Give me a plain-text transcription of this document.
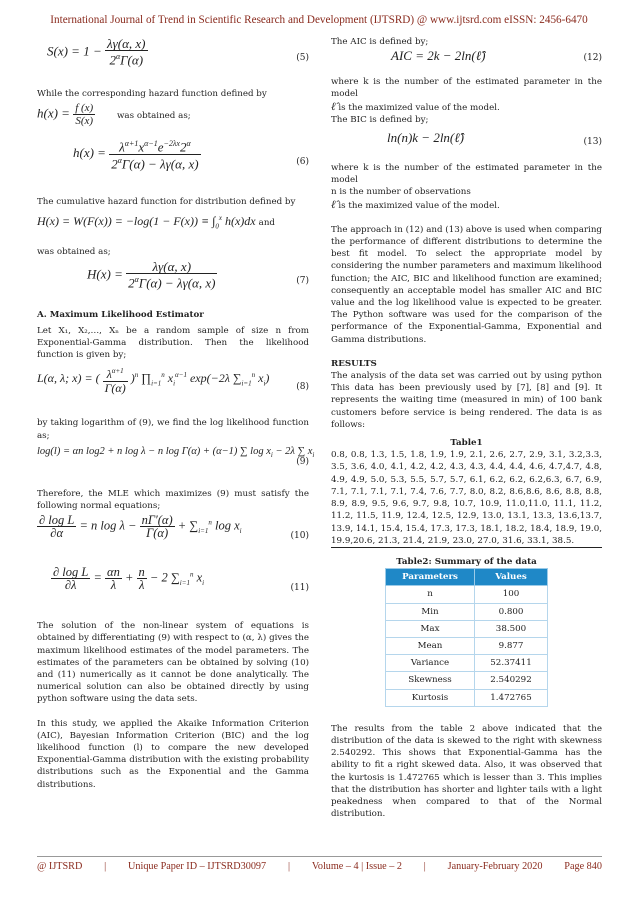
International Journal of Trend in Scientific Research and Development (IJTSRD) @ www.ijtsrd.com eISSN: 2456-6470
$S(x) = 1 - \frac{\lambda\gamma(\alpha, x)}{2^\alpha\Gamma(\alpha)}$	(5)

While the corresponding hazard function defined by

$h(x) = \frac{f (x)}{S(x)}$	was obtained as;
$h(x) = \frac{\lambda^{\alpha+1}x^{\alpha-1}e^{-2\lambda x}2^\alpha}{2^\alpha\Gamma(\alpha) - \lambda\gamma(\alpha, x)}$	(6)

The cumulative hazard function for distribution defined by

$H(x) = W(F(x)) = -\log(1 - F(x)) \equiv \int_0^x$ h(x)dx and

was obtained as;

$H(x) = \frac{\lambda\gamma(\alpha, x)}{2^\alpha\Gamma(\alpha) - \lambda\gamma(\alpha, x)}$	(7)

A. Maximum Likelihood Estimator

Let X₁, X₂,…, Xₙ be a random sample of size n from Exponential-Gamma distribution. Then the likelihood function is given by;

L(α, λ; x) = ( $\frac{\lambda^{\alpha+1}}{\Gamma(\alpha)} )^n$ $\prod_{i=1}^n$ $x_i^{\alpha-1}$ exp(−2λ $\sum_{i=1}^n$ $x_i$)
(8)

by taking logarithm of (9), we find the log likelihood function as;

log(l) = αn log2 + n log λ − n log Γ(α) + (α−1) ∑ $\log x_i - 2\lambda$ ∑ $x_i$
(9)

Therefore, the MLE which maximizes (9) must satisfy the following normal equations;

$\frac{\text{∂ log L}}{\partial\alpha} = n$ $\log \lambda - \frac{n\Gamma'(\alpha)}{\Gamma(\alpha)} + \sum_{i=1}^n$ $\log x_i$	(10)
$\frac{\text{∂ log L}}{\partial\lambda} = \frac{\alpha n}{\lambda} + \frac{n}{\lambda} - 2$ $\sum_{i=1}^n$ $x_i$	(11)

The solution of the non-linear system of equations is obtained by differentiating (9) with respect to (α, λ) gives the maximum likelihood estimates of the model parameters. The estimates of the parameters can be obtained by solving (10) and (11) numerically as it cannot be done analytically. The numerical solution can also be obtained directly by using python software using the data sets.

In this study, we applied the Akaike Information Criterion (AIC), Bayesian Information Criterion (BIC) and the log likelihood function (l) to compare the new developed Exponential-Gamma distribution with the existing probability distributions such as the Exponential and the Gamma distributions.

The AIC is defined by;

AIC = 2k − 2ln(ℓ̂)	(12)

where k is the number of the estimated parameter in the model

ℓ̂ is the maximized value of the model.

The BIC is defined by;

ln(n)k − 2ln(ℓ̂)	(13)

where k is the number of the estimated parameter in the model

n is the number of observations

ℓ̂ is the maximized value of the model.

The approach in (12) and (13) above is used when comparing the performance of different distributions to determine the best fit model. To select the appropriate model by considering the number parameters and maximum likelihood function; the AIC, BIC and likelihood function are examined; consequently an acceptable model has smaller AIC and BIC value and the log likelihood value is expected to be greater. The Python software was used for the comparison of the performance of the Exponential-Gamma, Exponential and Gamma distributions.

RESULTS

The analysis of the data set was carried out by using python This data has been previously used by [7], [8] and [9]. It represents the waiting time (measured in min) of 100 bank customers before service is being rendered. The data is as follows:

Table1

0.8, 0.8, 1.3, 1.5, 1.8, 1.9, 1.9, 2.1, 2.6, 2.7, 2.9, 3.1, 3.2,3.3, 3.5, 3.6, 4.0, 4.1, 4.2, 4.2, 4.3, 4.3, 4.4, 4.4, 4.6, 4.7,4.7, 4.8, 4.9, 4.9, 5.0, 5.3, 5.5, 5.7, 5.7, 6.1, 6.2, 6.2, 6.2,6.3, 6.7, 6.9, 7.1, 7.1, 7.1, 7.1, 7.4, 7.6, 7.7, 8.0, 8.2, 8.6,8.6, 8.6, 8.8, 8.8, 8.9, 8.9, 9.5, 9.6, 9.7, 9.8, 10.7, 10.9, 11.0,11.0, 11.1, 11.2, 11.2, 11.5, 11.9, 12.4, 12.5, 12.9, 13.0, 13.1, 13.3, 13.6,13.7, 13.9, 14.1, 15.4, 15.4, 17.3, 17.3, 18.1, 18.2, 18.4, 18.9, 19.0, 19.9,20.6, 21.3, 21.4, 21.9, 23.0, 27.0, 31.6, 33.1, 38.5.

Table2: Summary of the data

Parameters	Values
n	100
Min	0.800
Max	38.500
Mean	9.877
Variance	52.37411
Skewness	2.540292
Kurtosis	1.472765

The results from the table 2 above indicated that the distribution of the data is skewed to the right with skewness 2.540292. This shows that Exponential-Gamma has the ability to fit a right skewed data. Also, it was observed that the kurtosis is 1.472765 which is lesser than 3. This implies that the distribution has shorter and lighter tails with a light peakedness when compared to that of the Normal distribution.

@ IJTSRD | Unique Paper ID – IJTSRD30097 | Volume – 4 | Issue – 2 | January-February 2020 Page 840
